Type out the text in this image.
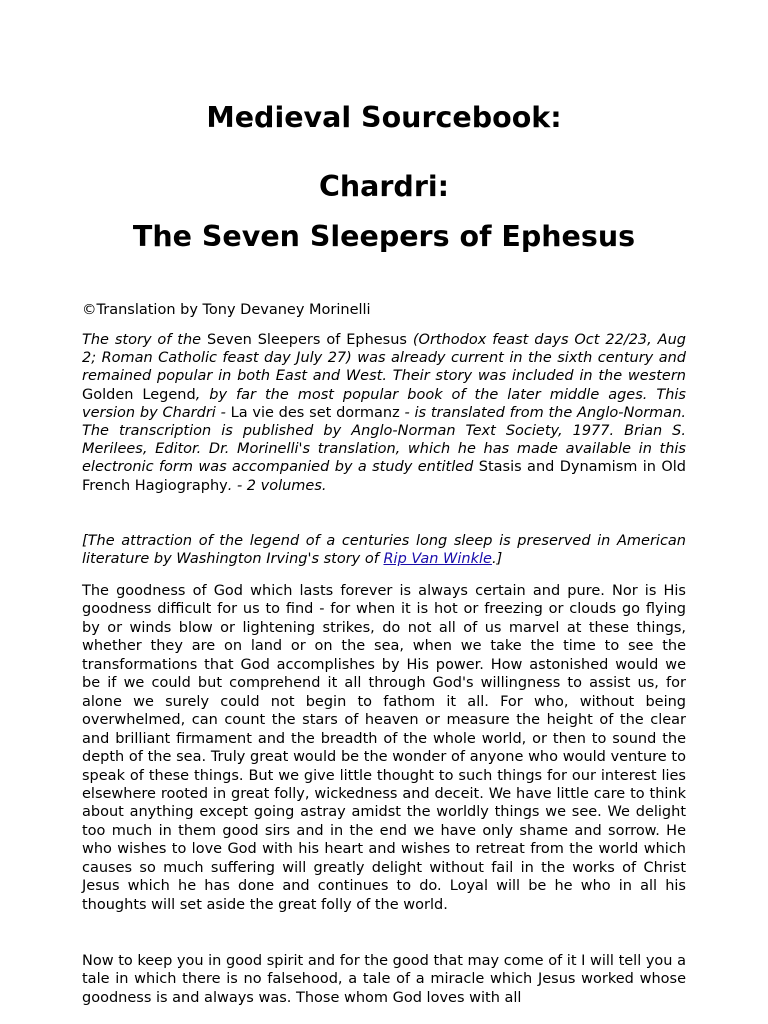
Medieval Sourcebook:
Chardri:
The Seven Sleepers of Ephesus

©Translation by Tony Devaney Morinelli

The story of the Seven Sleepers of Ephesus (Orthodox feast days Oct 22/23, Aug 2; Roman Catholic feast day July 27) was already current in the sixth century and remained popular in both East and West. Their story was included in the western Golden Legend, by far the most popular book of the later middle ages. This version by Chardri - La vie des set dormanz - is translated from the Anglo-Norman. The transcription is published by Anglo-Norman Text Society, 1977. Brian S. Merilees, Editor. Dr. Morinelli's translation, which he has made available in this electronic form was accompanied by a study entitled Stasis and Dynamism in Old French Hagiography. - 2 volumes.

[The attraction of the legend of a centuries long sleep is preserved in American literature by Washington Irving's story of Rip Van Winkle.]

The goodness of God which lasts forever is always certain and pure. Nor is His goodness difficult for us to find - for when it is hot or freezing or clouds go flying by or winds blow or lightening strikes, do not all of us marvel at these things, whether they are on land or on the sea, when we take the time to see the transformations that God accomplishes by His power. How astonished would we be if we could but comprehend it all through God's willingness to assist us, for alone we surely could not begin to fathom it all. For who, without being overwhelmed, can count the stars of heaven or measure the height of the clear and brilliant firmament and the breadth of the whole world, or then to sound the depth of the sea. Truly great would be the wonder of anyone who would venture to speak of these things. But we give little thought to such things for our interest lies elsewhere rooted in great folly, wickedness and deceit. We have little care to think about anything except going astray amidst the worldly things we see. We delight too much in them good sirs and in the end we have only shame and sorrow. He who wishes to love God with his heart and wishes to retreat from the world which causes so much suffering will greatly delight without fail in the works of Christ Jesus which he has done and continues to do. Loyal will be he who in all his thoughts will set aside the great folly of the world.

Now to keep you in good spirit and for the good that may come of it I will tell you a tale in which there is no falsehood, a tale of a miracle which Jesus worked whose goodness is and always was. Those whom God loves with all
